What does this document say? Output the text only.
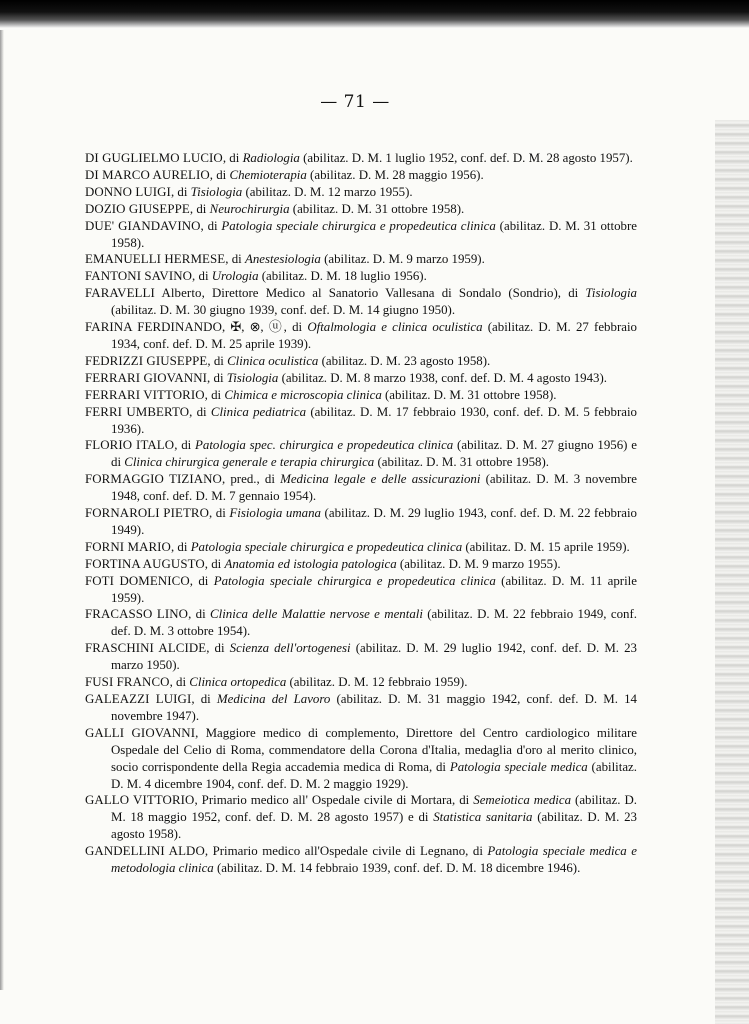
— 71 —

DI GUGLIELMO LUCIO, di Radiologia (abilitaz. D. M. 1 luglio 1952, conf. def. D. M. 28 agosto 1957).

DI MARCO AURELIO, di Chemioterapia (abilitaz. D. M. 28 maggio 1956).

DONNO LUIGI, di Tisiologia (abilitaz. D. M. 12 marzo 1955).

DOZIO GIUSEPPE, di Neurochirurgia (abilitaz. D. M. 31 ottobre 1958).

DUE' GIANDAVINO, di Patologia speciale chirurgica e propedeutica clinica (abilitaz. D. M. 31 ottobre 1958).

EMANUELLI HERMESE, di Anestesiologia (abilitaz. D. M. 9 marzo 1959).

FANTONI SAVINO, di Urologia (abilitaz. D. M. 18 luglio 1956).

FARAVELLI Alberto, Direttore Medico al Sanatorio Vallesana di Sondalo (Sondrio), di Tisiologia (abilitaz. D. M. 30 giugno 1939, conf. def. D. M. 14 giugno 1950).

FARINA FERDINANDO, ✠, ⊗, ⓤ, di Oftalmologia e clinica oculistica (abilitaz. D. M. 27 febbraio 1934, conf. def. D. M. 25 aprile 1939).

FEDRIZZI GIUSEPPE, di Clinica oculistica (abilitaz. D. M. 23 agosto 1958).

FERRARI GIOVANNI, di Tisiologia (abilitaz. D. M. 8 marzo 1938, conf. def. D. M. 4 agosto 1943).

FERRARI VITTORIO, di Chimica e microscopia clinica (abilitaz. D. M. 31 ottobre 1958).

FERRI UMBERTO, di Clinica pediatrica (abilitaz. D. M. 17 febbraio 1930, conf. def. D. M. 5 febbraio 1936).

FLORIO ITALO, di Patologia spec. chirurgica e propedeutica clinica (abilitaz. D. M. 27 giugno 1956) e di Clinica chirurgica generale e terapia chirurgica (abilitaz. D. M. 31 ottobre 1958).

FORMAGGIO TIZIANO, pred., di Medicina legale e delle assicurazioni (abilitaz. D. M. 3 novembre 1948, conf. def. D. M. 7 gennaio 1954).

FORNAROLI PIETRO, di Fisiologia umana (abilitaz. D. M. 29 luglio 1943, conf. def. D. M. 22 febbraio 1949).

FORNI MARIO, di Patologia speciale chirurgica e propedeutica clinica (abilitaz. D. M. 15 aprile 1959).

FORTINA AUGUSTO, di Anatomia ed istologia patologica (abilitaz. D. M. 9 marzo 1955).

FOTI DOMENICO, di Patologia speciale chirurgica e propedeutica clinica (abilitaz. D. M. 11 aprile 1959).

FRACASSO LINO, di Clinica delle Malattie nervose e mentali (abilitaz. D. M. 22 febbraio 1949, conf. def. D. M. 3 ottobre 1954).

FRASCHINI ALCIDE, di Scienza dell'ortogenesi (abilitaz. D. M. 29 luglio 1942, conf. def. D. M. 23 marzo 1950).

FUSI FRANCO, di Clinica ortopedica (abilitaz. D. M. 12 febbraio 1959).

GALEAZZI LUIGI, di Medicina del Lavoro (abilitaz. D. M. 31 maggio 1942, conf. def. D. M. 14 novembre 1947).

GALLI GIOVANNI, Maggiore medico di complemento, Direttore del Centro cardiologico militare Ospedale del Celio di Roma, commendatore della Corona d'Italia, medaglia d'oro al merito clinico, socio corrispondente della Regia accademia medica di Roma, di Patologia speciale medica (abilitaz. D. M. 4 dicembre 1904, conf. def. D. M. 2 maggio 1929).

GALLO VITTORIO, Primario medico all' Ospedale civile di Mortara, di Semeiotica medica (abilitaz. D. M. 18 maggio 1952, conf. def. D. M. 28 agosto 1957) e di Statistica sanitaria (abilitaz. D. M. 23 agosto 1958).

GANDELLINI ALDO, Primario medico all'Ospedale civile di Legnano, di Patologia speciale medica e metodologia clinica (abilitaz. D. M. 14 febbraio 1939, conf. def. D. M. 18 dicembre 1946).
